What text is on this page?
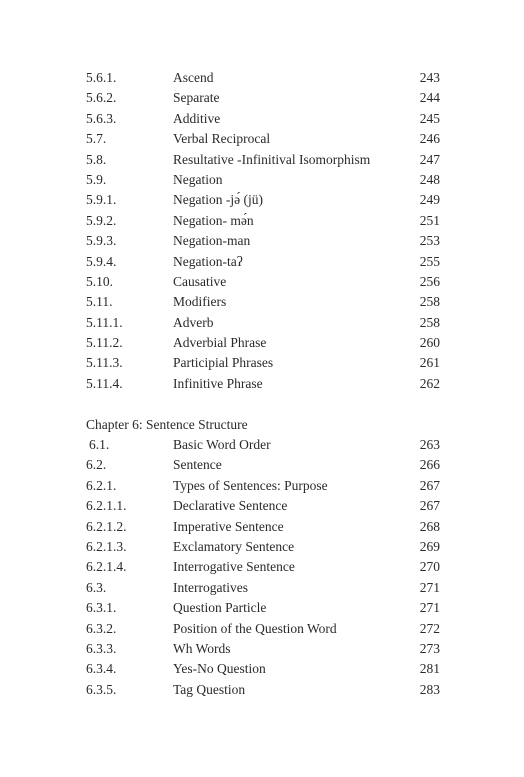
5.6.1.	Ascend	243
5.6.2.	Separate	244
5.6.3.	Additive	245
5.7.	Verbal Reciprocal	246
5.8.	Resultative -Infinitival Isomorphism	247
5.9.	Negation	248
5.9.1.	Negation -jə́ (jü)	249
5.9.2.	Negation- mə́n	251
5.9.3.	Negation-man	253
5.9.4.	Negation-taʔ	255
5.10.	Causative	256
5.11.	Modifiers	258
5.11.1.	Adverb	258
5.11.2.	Adverbial Phrase	260
5.11.3.	Participial Phrases	261
5.11.4.	Infinitive Phrase	262
Chapter 6: Sentence Structure
6.1.	Basic Word Order	263
6.2.	Sentence	266
6.2.1.	Types of Sentences: Purpose	267
6.2.1.1.	Declarative Sentence	267
6.2.1.2.	Imperative Sentence	268
6.2.1.3.	Exclamatory Sentence	269
6.2.1.4.	Interrogative Sentence	270
6.3.	Interrogatives	271
6.3.1.	Question Particle	271
6.3.2.	Position of the Question Word	272
6.3.3.	Wh Words	273
6.3.4.	Yes-No Question	281
6.3.5.	Tag Question	283
